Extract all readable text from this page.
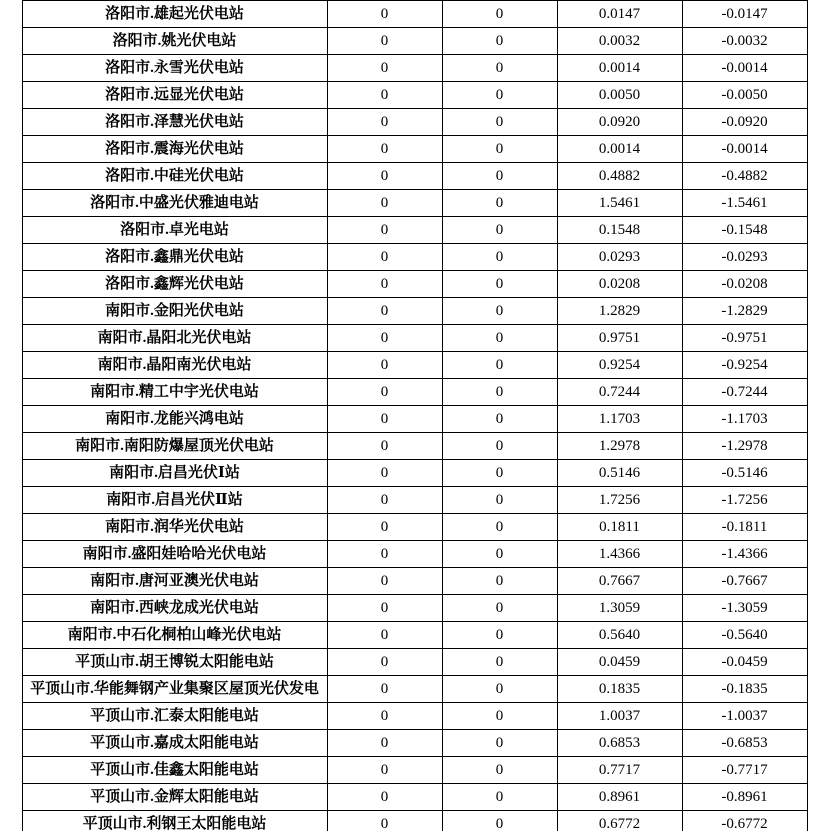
洛阳市.雄起光伏电站	0	0	0.0147	-0.0147
洛阳市.姚光伏电站	0	0	0.0032	-0.0032
洛阳市.永雪光伏电站	0	0	0.0014	-0.0014
洛阳市.远显光伏电站	0	0	0.0050	-0.0050
洛阳市.泽慧光伏电站	0	0	0.0920	-0.0920
洛阳市.震海光伏电站	0	0	0.0014	-0.0014
洛阳市.中硅光伏电站	0	0	0.4882	-0.4882
洛阳市.中盛光伏雅迪电站	0	0	1.5461	-1.5461
洛阳市.卓光电站	0	0	0.1548	-0.1548
洛阳市.鑫鼎光伏电站	0	0	0.0293	-0.0293
洛阳市.鑫辉光伏电站	0	0	0.0208	-0.0208
南阳市.金阳光伏电站	0	0	1.2829	-1.2829
南阳市.晶阳北光伏电站	0	0	0.9751	-0.9751
南阳市.晶阳南光伏电站	0	0	0.9254	-0.9254
南阳市.精工中宇光伏电站	0	0	0.7244	-0.7244
南阳市.龙能兴鸿电站	0	0	1.1703	-1.1703
南阳市.南阳防爆屋顶光伏电站	0	0	1.2978	-1.2978
南阳市.启昌光伏Ⅰ站	0	0	0.5146	-0.5146
南阳市.启昌光伏Ⅱ站	0	0	1.7256	-1.7256
南阳市.润华光伏电站	0	0	0.1811	-0.1811
南阳市.盛阳娃哈哈光伏电站	0	0	1.4366	-1.4366
南阳市.唐河亚澳光伏电站	0	0	0.7667	-0.7667
南阳市.西峡龙成光伏电站	0	0	1.3059	-1.3059
南阳市.中石化桐柏山峰光伏电站	0	0	0.5640	-0.5640
平顶山市.胡王博锐太阳能电站	0	0	0.0459	-0.0459
平顶山市.华能舞钢产业集聚区屋顶光伏发电	0	0	0.1835	-0.1835
平顶山市.汇泰太阳能电站	0	0	1.0037	-1.0037
平顶山市.嘉成太阳能电站	0	0	0.6853	-0.6853
平顶山市.佳鑫太阳能电站	0	0	0.7717	-0.7717
平顶山市.金辉太阳能电站	0	0	0.8961	-0.8961
平顶山市.利钢王太阳能电站	0	0	0.6772	-0.6772
